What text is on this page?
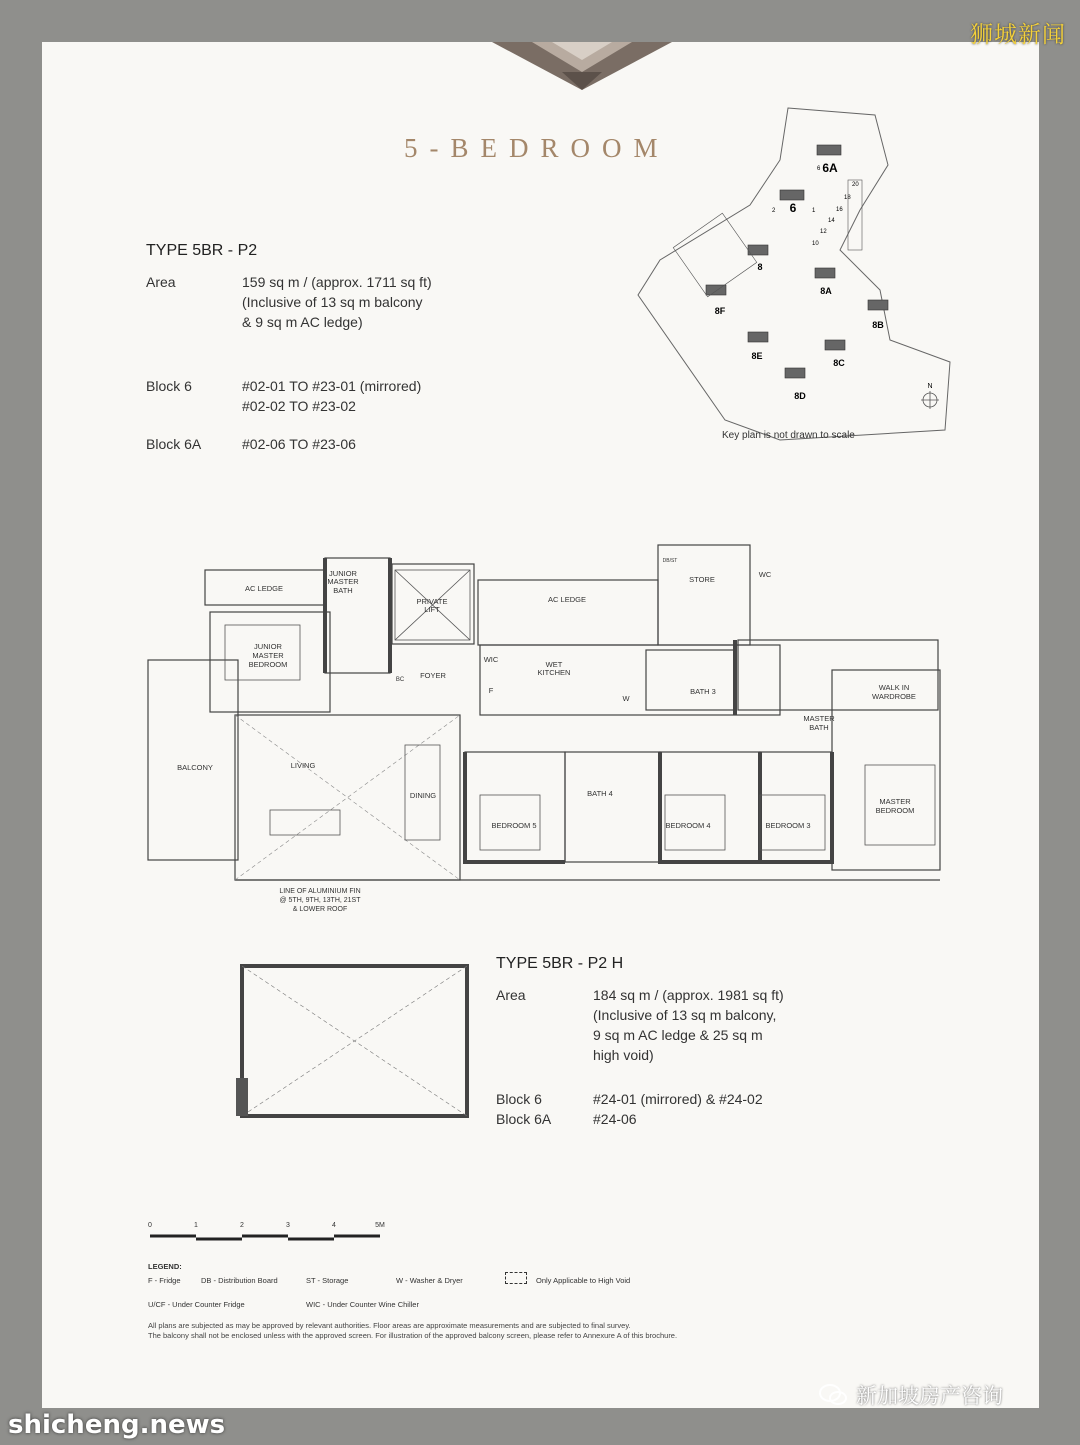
狮城新闻
5-BEDROOM
TYPE 5BR - P2
Area	159 sq m / (approx. 1711 sq ft)
(Inclusive of 13 sq m balcony
& 9 sq m AC ledge)
Block 6	#02-01 TO #23-01 (mirrored)
#02-02 TO #23-02
Block 6A	#02-06 TO #23-06
6A
6
8
8A
8B
8C
8D
8E
8F
6
2	1
20
18
16
14
12
10
N
Key plan is not drawn to scale
AC LEDGE
JUNIOR
MASTER
BATH
PRIVATE
LIFT
AC LEDGE
DB/ST
STORE
WC
JUNIOR
MASTER
BEDROOM
FOYER
BC
WIC
F
WET
KITCHEN
W
BATH 3
MASTER
BATH
WALK IN
WARDROBE
BALCONY	LIVING
DINING	BATH 4
BEDROOM 5	BEDROOM 4	BEDROOM 3
MASTER
BEDROOM
LINE OF ALUMINIUM FIN
@ 5TH, 9TH, 13TH, 21ST
& LOWER ROOF
TYPE 5BR - P2 H
Area	184 sq m / (approx. 1981 sq ft)
(Inclusive of 13 sq m balcony,
9 sq m AC ledge & 25 sq m
high void)
Block 6	#24-01 (mirrored) & #24-02
Block 6A	#24-06
0	1	2	3	4	5M
LEGEND:
F - Fridge	DB - Distribution Board	ST - Storage	W - Washer & Dryer	Only Applicable to High Void
U/CF - Under Counter Fridge	WIC - Under Counter Wine Chiller
All plans are subjected as may be approved by relevant authorities. Floor areas are approximate measurements and are subjected to final survey.
The balcony shall not be enclosed unless with the approved screen. For illustration of the approved balcony screen, please refer to Annexure A of this brochure.
新加坡房产咨询
shicheng.news
